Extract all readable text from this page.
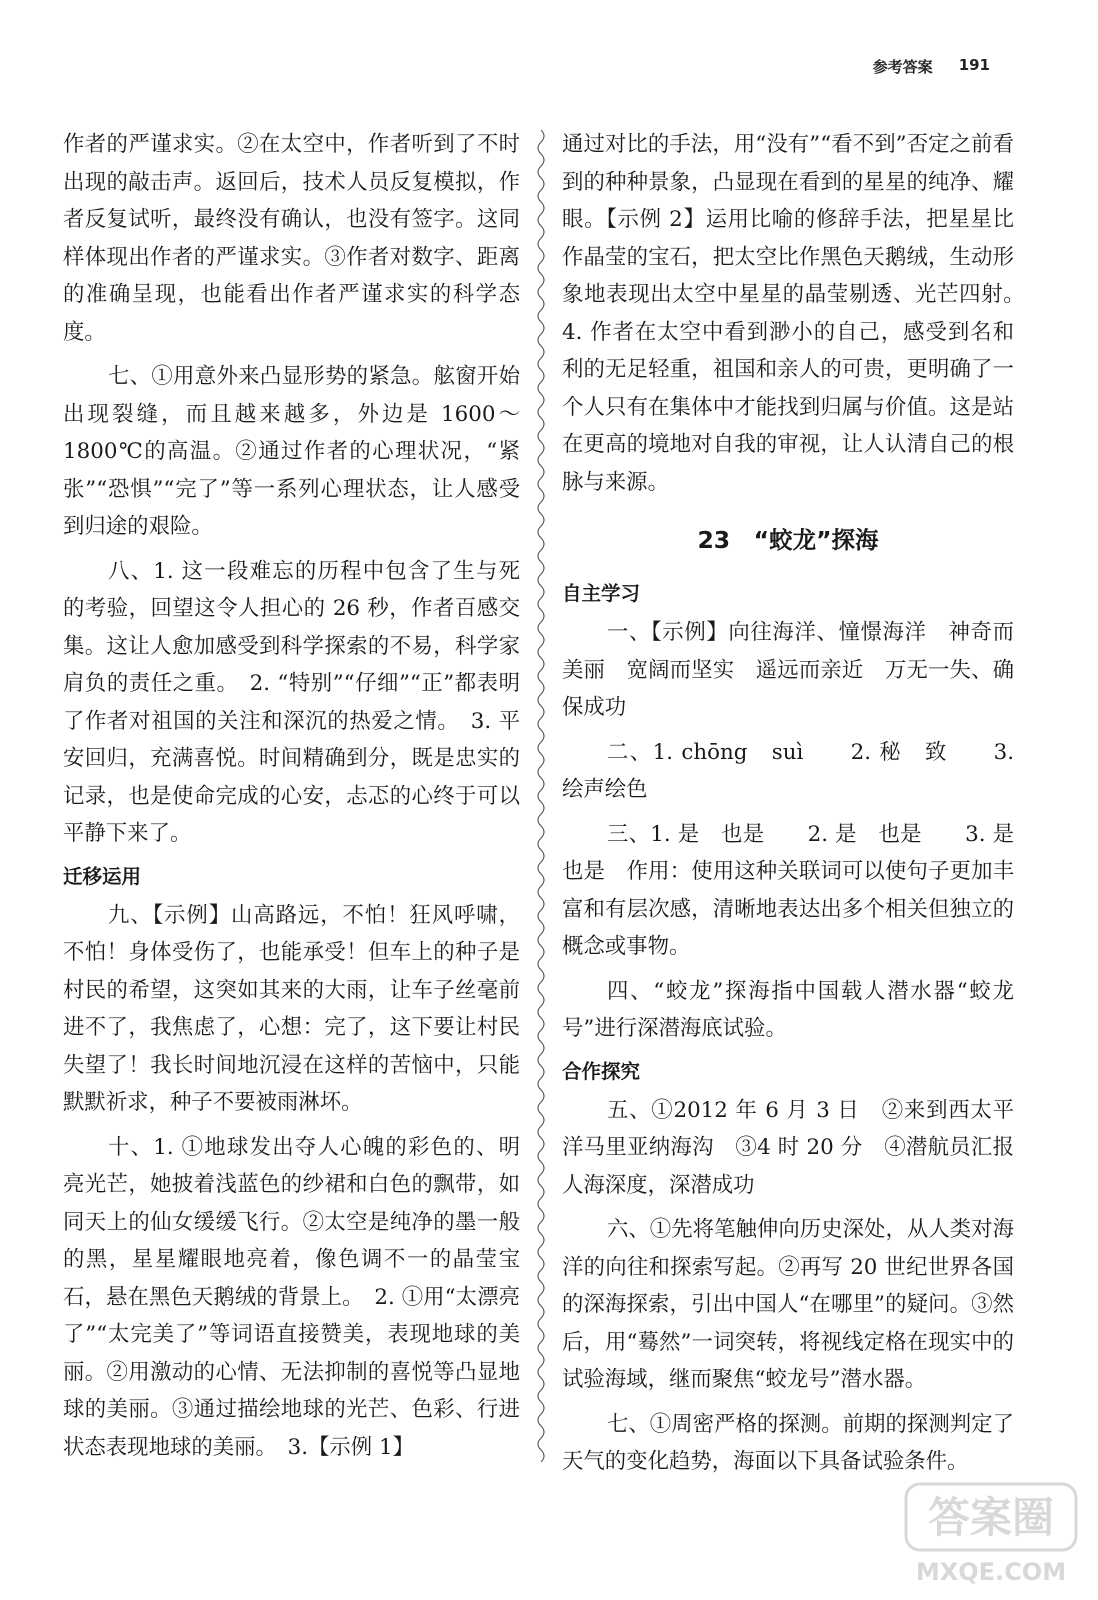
参考答案 191

作者的严谨求实。②在太空中，作者听到了不时出现的敲击声。返回后，技术人员反复模拟，作者反复试听，最终没有确认，也没有签字。这同样体现出作者的严谨求实。③作者对数字、距离的准确呈现，也能看出作者严谨求实的科学态度。

七、①用意外来凸显形势的紧急。舷窗开始出现裂缝，而且越来越多，外边是 1600～1800℃的高温。②通过作者的心理状况，“紧张”“恐惧”“完了”等一系列心理状态，让人感受到归途的艰险。

八、1. 这一段难忘的历程中包含了生与死的考验，回望这令人担心的 26 秒，作者百感交集。这让人愈加感受到科学探索的不易，科学家肩负的责任之重。　2. “特别”“仔细”“正”都表明了作者对祖国的关注和深沉的热爱之情。　3. 平安回归，充满喜悦。时间精确到分，既是忠实的记录，也是使命完成的心安，忐忑的心终于可以平静下来了。

迁移运用

九、【示例】山高路远，不怕！狂风呼啸，不怕！身体受伤了，也能承受！但车上的种子是村民的希望，这突如其来的大雨，让车子丝毫前进不了，我焦虑了，心想：完了，这下要让村民失望了！我长时间地沉浸在这样的苦恼中，只能默默祈求，种子不要被雨淋坏。

十、1. ①地球发出夺人心魄的彩色的、明亮光芒，她披着浅蓝色的纱裙和白色的飘带，如同天上的仙女缓缓飞行。②太空是纯净的墨一般的黑，星星耀眼地亮着，像色调不一的晶莹宝石，悬在黑色天鹅绒的背景上。　2. ①用“太漂亮了”“太完美了”等词语直接赞美，表现地球的美丽。②用激动的心情、无法抑制的喜悦等凸显地球的美丽。③通过描绘地球的光芒、色彩、行进状态表现地球的美丽。　3.【示例 1】

通过对比的手法，用“没有”“看不到”否定之前看到的种种景象，凸显现在看到的星星的纯净、耀眼。【示例 2】运用比喻的修辞手法，把星星比作晶莹的宝石，把太空比作黑色天鹅绒，生动形象地表现出太空中星星的晶莹剔透、光芒四射。　4. 作者在太空中看到渺小的自己，感受到名和利的无足轻重，祖国和亲人的可贵，更明确了一个人只有在集体中才能找到归属与价值。这是站在更高的境地对自我的审视，让人认清自己的根脉与来源。

23　“蛟龙”探海
自主学习

一、【示例】向往海洋、憧憬海洋　神奇而美丽　宽阔而坚实　遥远而亲近　万无一失、确保成功

二、1. chōng　suì　　2. 秘　致　　3. 绘声绘色

三、1. 是　也是　　2. 是　也是　　3. 是　也是　作用：使用这种关联词可以使句子更加丰富和有层次感，清晰地表达出多个相关但独立的概念或事物。

四、“蛟龙”探海指中国载人潜水器“蛟龙号”进行深潜海底试验。

合作探究

五、①2012 年 6 月 3 日　②来到西太平洋马里亚纳海沟　③4 时 20 分　④潜航员汇报人海深度，深潜成功

六、①先将笔触伸向历史深处，从人类对海洋的向往和探索写起。②再写 20 世纪世界各国的深海探索，引出中国人“在哪里”的疑问。③然后，用“蓦然”一词突转，将视线定格在现实中的试验海域，继而聚焦“蛟龙号”潜水器。

七、①周密严格的探测。前期的探测判定了天气的变化趋势，海面以下具备试验条件。

答案圈
MXQE.COM
